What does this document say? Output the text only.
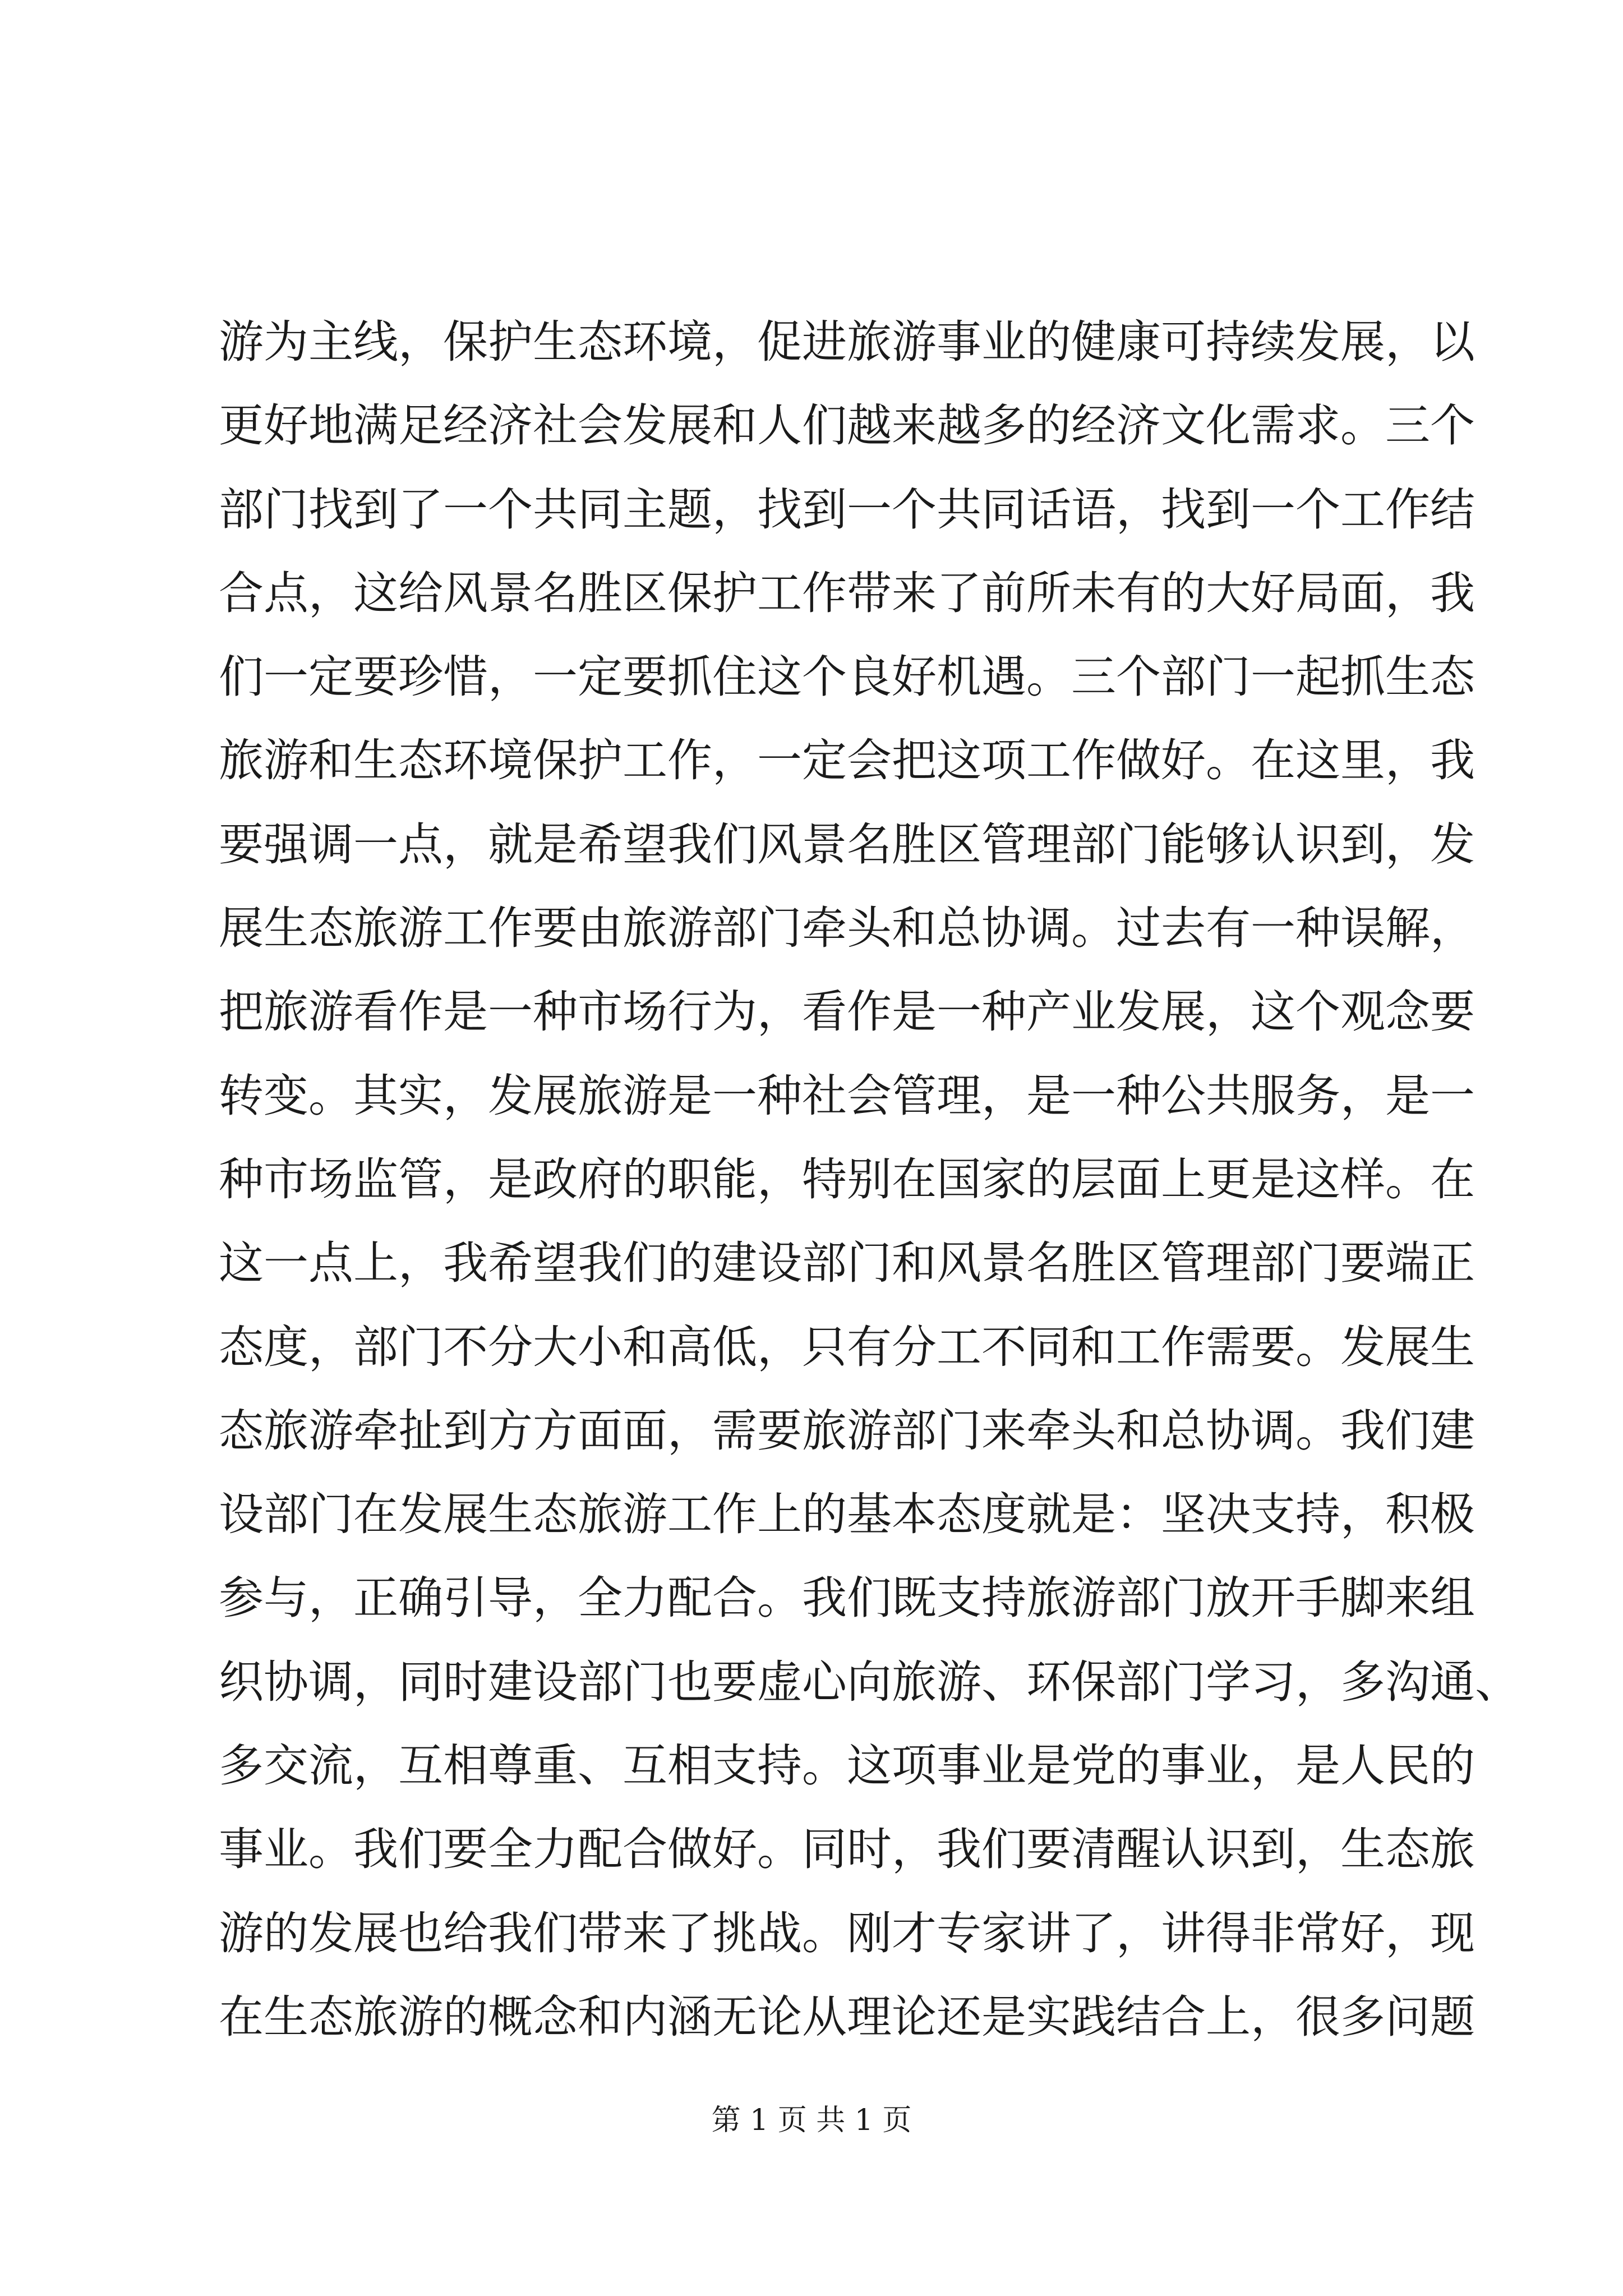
游为主线，保护生态环境，促进旅游事业的健康可持续发展，以
更好地满足经济社会发展和人们越来越多的经济文化需求。三个
部门找到了一个共同主题，找到一个共同话语，找到一个工作结
合点，这给风景名胜区保护工作带来了前所未有的大好局面，我
们一定要珍惜，一定要抓住这个良好机遇。三个部门一起抓生态
旅游和生态环境保护工作，一定会把这项工作做好。在这里，我
要强调一点，就是希望我们风景名胜区管理部门能够认识到，发
展生态旅游工作要由旅游部门牵头和总协调。过去有一种误解，
把旅游看作是一种市场行为，看作是一种产业发展，这个观念要
转变。其实，发展旅游是一种社会管理，是一种公共服务，是一
种市场监管，是政府的职能，特别在国家的层面上更是这样。在
这一点上，我希望我们的建设部门和风景名胜区管理部门要端正
态度，部门不分大小和高低，只有分工不同和工作需要。发展生
态旅游牵扯到方方面面，需要旅游部门来牵头和总协调。我们建
设部门在发展生态旅游工作上的基本态度就是：坚决支持，积极
参与，正确引导，全力配合。我们既支持旅游部门放开手脚来组
织协调，同时建设部门也要虚心向旅游、环保部门学习，多沟通、
多交流，互相尊重、互相支持。这项事业是党的事业，是人民的
事业。我们要全力配合做好。同时，我们要清醒认识到，生态旅
游的发展也给我们带来了挑战。刚才专家讲了，讲得非常好，现
在生态旅游的概念和内涵无论从理论还是实践结合上，很多问题
第 1 页 共 1 页
